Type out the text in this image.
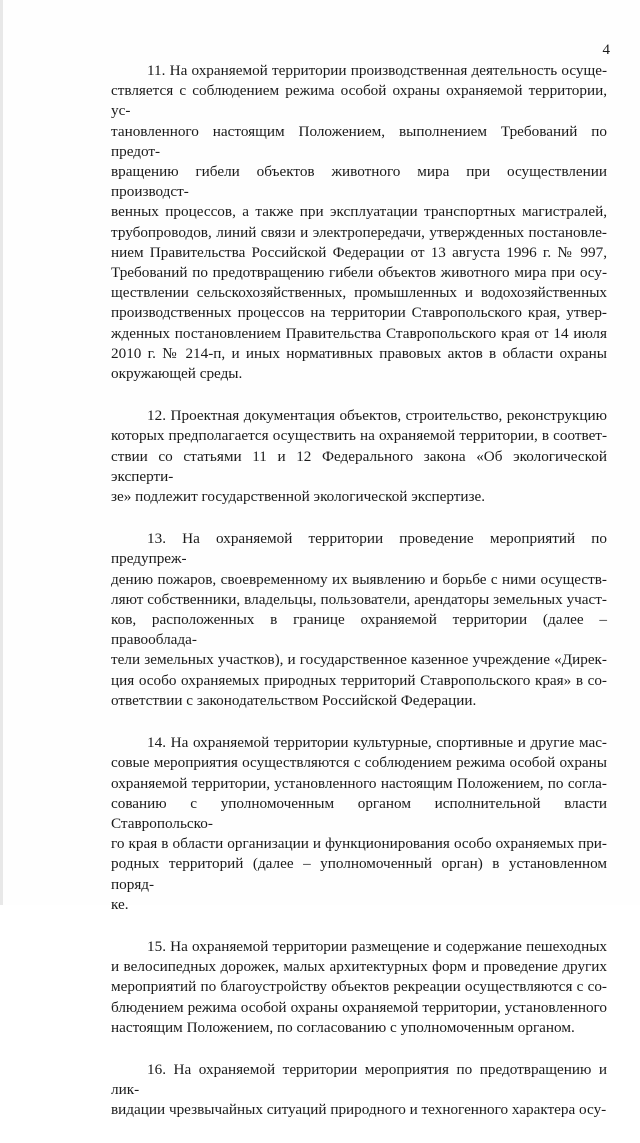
4

11. На охраняемой территории производственная деятельность осуще-
ствляется с соблюдением режима особой охраны охраняемой территории, ус-
тановленного настоящим Положением, выполнением Требований по предот-
вращению гибели объектов животного мира при осуществлении производст-
венных процессов, а также при эксплуатации транспортных магистралей,
трубопроводов, линий связи и электропередачи, утвержденных постановле-
нием Правительства Российской Федерации от 13 августа 1996 г. № 997,
Требований по предотвращению гибели объектов животного мира при осу-
ществлении сельскохозяйственных, промышленных и водохозяйственных
производственных процессов на территории Ставропольского края, утвер-
жденных постановлением Правительства Ставропольского края от 14 июля
2010 г. № 214-п, и иных нормативных правовых актов в области охраны
окружающей среды.

12. Проектная документация объектов, строительство, реконструкцию
которых предполагается осуществить на охраняемой территории, в соответ-
ствии со статьями 11 и 12 Федерального закона «Об экологической эксперти-
зе» подлежит государственной экологической экспертизе.

13. На охраняемой территории проведение мероприятий по предупреж-
дению пожаров, своевременному их выявлению и борьбе с ними осуществ-
ляют собственники, владельцы, пользователи, арендаторы земельных участ-
ков, расположенных в границе охраняемой территории (далее – правооблада-
тели земельных участков), и государственное казенное учреждение «Дирек-
ция особо охраняемых природных территорий Ставропольского края» в со-
ответствии с законодательством Российской Федерации.

14. На охраняемой территории культурные, спортивные и другие мас-
совые мероприятия осуществляются с соблюдением режима особой охраны
охраняемой территории, установленного настоящим Положением, по согла-
сованию с уполномоченным органом исполнительной власти Ставропольско-
го края в области организации и функционирования особо охраняемых при-
родных территорий (далее – уполномоченный орган) в установленном поряд-
ке.

15. На охраняемой территории размещение и содержание пешеходных
и велосипедных дорожек, малых архитектурных форм и проведение других
мероприятий по благоустройству объектов рекреации осуществляются с со-
блюдением режима особой охраны охраняемой территории, установленного
настоящим Положением, по согласованию с уполномоченным органом.

16. На охраняемой территории мероприятия по предотвращению и лик-
видации чрезвычайных ситуаций природного и техногенного характера осу-
